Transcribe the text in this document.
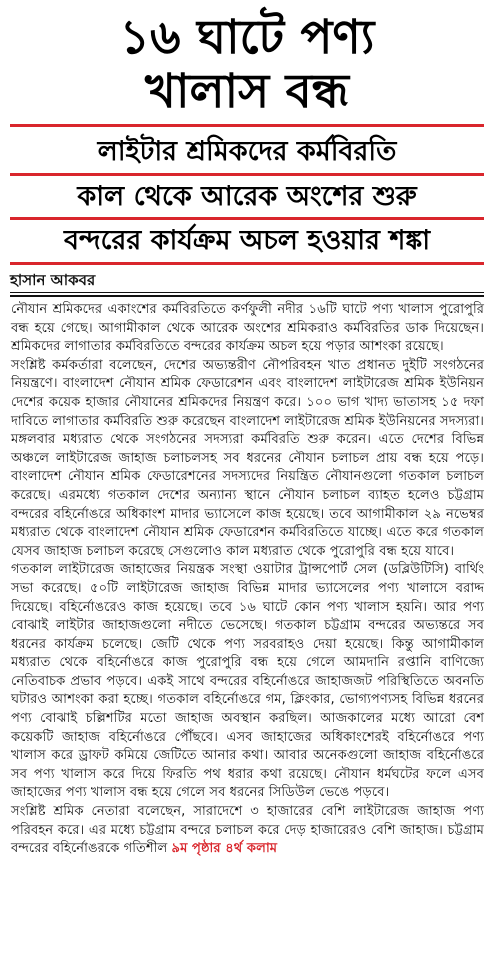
১৬ ঘাটে পণ্য
খালাস বন্ধ
লাইটার শ্রমিকদের কর্মবিরতি
কাল থেকে আরেক অংশের শুরু
বন্দরের কার্যক্রম অচল হওয়ার শঙ্কা
হাসান আকবর

নৌযান শ্রমিকদের একাংশের কর্মবিরতিতে কর্ণফুলী নদীর ১৬টি ঘাটে পণ্য খালাস পুরোপুরি বন্ধ হয়ে গেছে। আগামীকাল থেকে আরেক অংশের শ্রমিকরাও কর্মবিরতির ডাক দিয়েছেন। শ্রমিকদের লাগাতার কর্মবিরতিতে বন্দরের কার্যক্রম অচল হয়ে পড়ার আশংকা রয়েছে।

সংশ্লিষ্ট কর্মকর্তারা বলেছেন, দেশের অভ্যন্তরীণ নৌপরিবহন খাত প্রধানত দুইটি সংগঠনের নিয়ন্ত্রণে। বাংলাদেশ নৌযান শ্রমিক ফেডারেশন এবং বাংলাদেশ লাইটারেজ শ্রমিক ইউনিয়ন দেশের কয়েক হাজার নৌযানের শ্রমিকদের নিয়ন্ত্রণ করে। ১০০ ভাগ খাদ্য ভাতাসহ ১৫ দফা দাবিতে লাগাতার কর্মবিরতি শুরু করেছেন বাংলাদেশ লাইটারেজ শ্রমিক ইউনিয়নের সদস্যরা। মঙ্গলবার মধ্যরাত থেকে সংগঠনের সদস্যরা কর্মবিরতি শুরু করেন। এতে দেশের বিভিন্ন অঞ্চলে লাইটারেজ জাহাজ চলাচলসহ সব ধরনের নৌযান চলাচল প্রায় বন্ধ হয়ে পড়ে। বাংলাদেশ নৌযান শ্রমিক ফেডারেশনের সদস্যদের নিয়ন্ত্রিত নৌযানগুলো গতকাল চলাচল করেছে। এরমধ্যে গতকাল দেশের অন্যান্য স্থানে নৌযান চলাচল ব্যাহত হলেও চট্টগ্রাম বন্দরের বহির্নোঙরে অধিকাংশ মাদার ভ্যাসেলে কাজ হয়েছে। তবে আগামীকাল ২৯ নভেম্বর মধ্যরাত থেকে বাংলাদেশ নৌযান শ্রমিক ফেডারেশন কর্মবিরতিতে যাচ্ছে। এতে করে গতকাল যেসব জাহাজ চলাচল করেছে সেগুলোও কাল মধ্যরাত থেকে পুরোপুরি বন্ধ হয়ে যাবে।

গতকাল লাইটারেজ জাহাজের নিয়ন্ত্রক সংস্থা ওয়াটার ট্রান্সপোর্ট সেল (ডব্লিউটিসি) বার্থিং সভা করেছে। ৫০টি লাইটারেজ জাহাজ বিভিন্ন মাদার ভ্যাসেলের পণ্য খালাসে বরাদ্দ দিয়েছে। বহির্নোঙরেও কাজ হয়েছে। তবে ১৬ ঘাটে কোন পণ্য খালাস হয়নি। আর পণ্য বোঝাই লাইটার জাহাজগুলো নদীতে ভেসেছে। গতকাল চট্টগ্রাম বন্দরের অভ্যন্তরে সব ধরনের কার্যক্রম চলেছে। জেটি থেকে পণ্য সরবরাহও দেয়া হয়েছে। কিন্তু আগামীকাল মধ্যরাত থেকে বহির্নোঙরে কাজ পুরোপুরি বন্ধ হয়ে গেলে আমদানি রপ্তানি বাণিজ্যে নেতিবাচক প্রভাব পড়বে। একই সাথে বন্দরের বহির্নোঙরে জাহাজজট পরিস্থিতিতে অবনতি ঘটারও আশংকা করা হচ্ছে। গতকাল বহির্নোঙরে গম, ক্লিংকার, ভোগ্যপণ্যসহ বিভিন্ন ধরনের পণ্য বোঝাই চল্লিশটির মতো জাহাজ অবস্থান করছিল। আজকালের মধ্যে আরো বেশ কয়েকটি জাহাজ বহির্নোঙরে পৌঁছবে। এসব জাহাজের অধিকাংশেরই বহির্নোঙরে পণ্য খালাস করে ড্রাফট কমিয়ে জেটিতে আনার কথা। আবার অনেকগুলো জাহাজ বহির্নোঙরে সব পণ্য খালাস করে দিয়ে ফিরতি পথ ধরার কথা রয়েছে। নৌযান ধর্মঘটের ফলে এসব জাহাজের পণ্য খালাস বন্ধ হয়ে গেলে সব ধরনের সিডিউল ভেঙে পড়বে।

সংশ্লিষ্ট শ্রমিক নেতারা বলেছেন, সারাদেশে ৩ হাজারের বেশি লাইটারেজ জাহাজ পণ্য পরিবহন করে। এর মধ্যে চট্টগ্রাম বন্দরে চলাচল করে দেড় হাজারেরও বেশি জাহাজ। চট্টগ্রাম বন্দরের বহির্নোঙরকে গতিশীল ৯ম পৃষ্ঠার ৪র্থ কলাম
